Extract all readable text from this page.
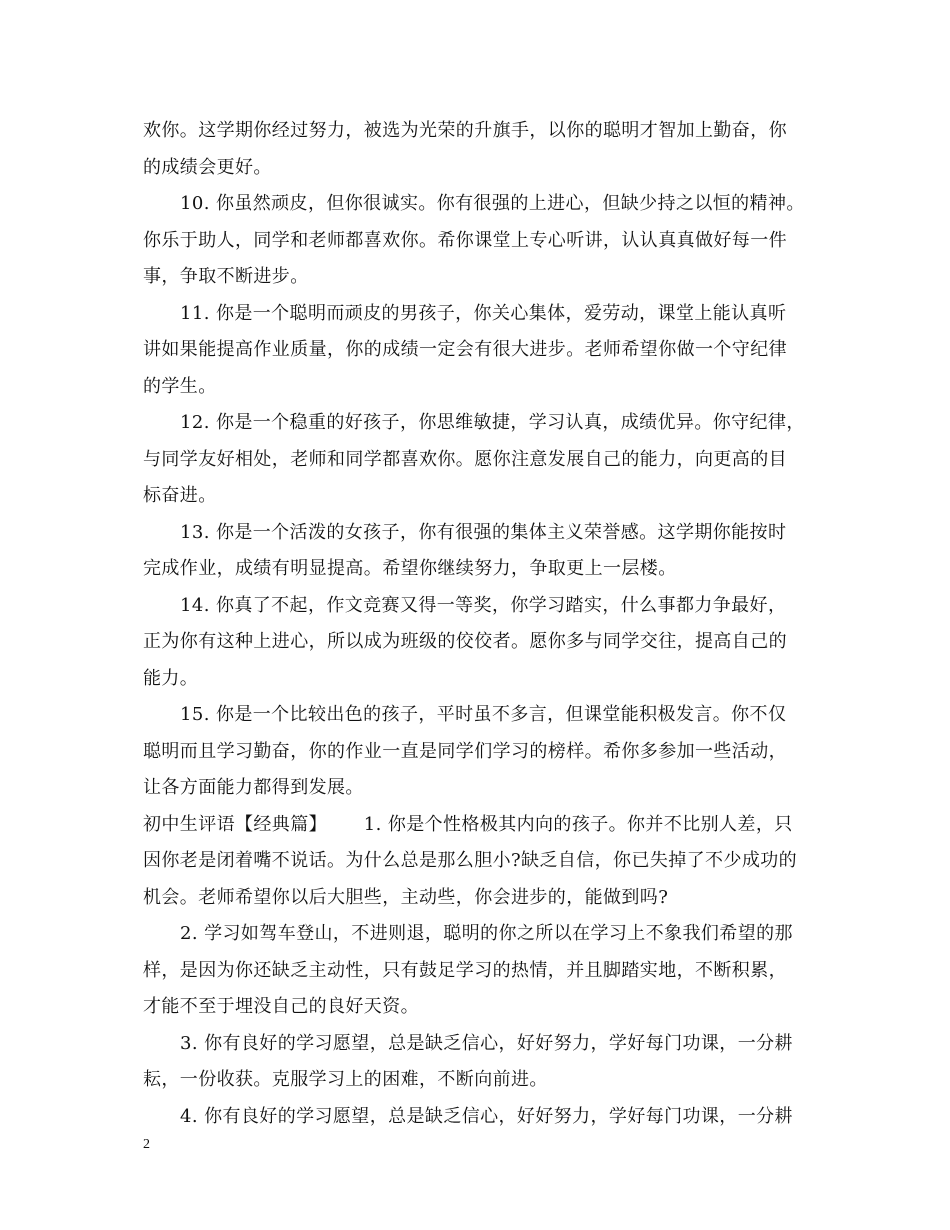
欢你。这学期你经过努力，被选为光荣的升旗手，以你的聪明才智加上勤奋，你
的成绩会更好。
10. 你虽然顽皮，但你很诚实。你有很强的上进心，但缺少持之以恒的精神。
你乐于助人，同学和老师都喜欢你。希你课堂上专心听讲，认认真真做好每一件
事，争取不断进步。
11. 你是一个聪明而顽皮的男孩子，你关心集体，爱劳动，课堂上能认真听
讲如果能提高作业质量，你的成绩一定会有很大进步。老师希望你做一个守纪律
的学生。
12. 你是一个稳重的好孩子，你思维敏捷，学习认真，成绩优异。你守纪律，
与同学友好相处，老师和同学都喜欢你。愿你注意发展自己的能力，向更高的目
标奋进。
13. 你是一个活泼的女孩子，你有很强的集体主义荣誉感。这学期你能按时
完成作业，成绩有明显提高。希望你继续努力，争取更上一层楼。
14. 你真了不起，作文竞赛又得一等奖，你学习踏实，什么事都力争最好，
正为你有这种上进心，所以成为班级的佼佼者。愿你多与同学交往，提高自己的
能力。
15. 你是一个比较出色的孩子，平时虽不多言，但课堂能积极发言。你不仅
聪明而且学习勤奋，你的作业一直是同学们学习的榜样。希你多参加一些活动，
让各方面能力都得到发展。
初中生评语【经典篇】      1. 你是个性格极其内向的孩子。你并不比别人差，只
因你老是闭着嘴不说话。为什么总是那么胆小?缺乏自信，你已失掉了不少成功的
机会。老师希望你以后大胆些，主动些，你会进步的，能做到吗?
2. 学习如驾车登山，不进则退，聪明的你之所以在学习上不象我们希望的那
样，是因为你还缺乏主动性，只有鼓足学习的热情，并且脚踏实地，不断积累，
才能不至于埋没自己的良好天资。
3. 你有良好的学习愿望，总是缺乏信心，好好努力，学好每门功课，一分耕
耘，一份收获。克服学习上的困难，不断向前进。
4. 你有良好的学习愿望，总是缺乏信心，好好努力，学好每门功课，一分耕
2
